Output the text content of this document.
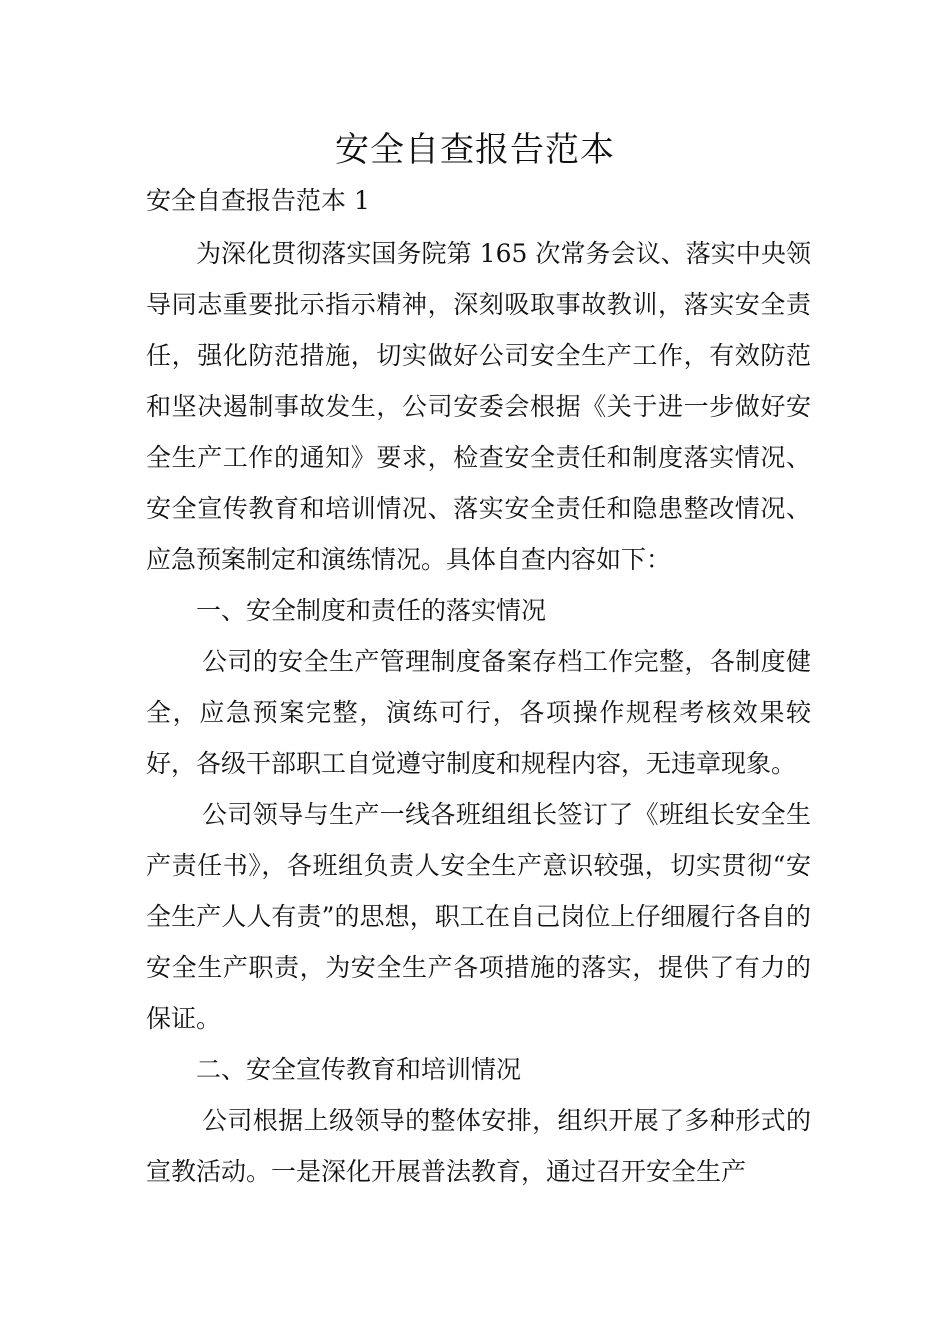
安全自查报告范本

安全自查报告范本 1

为深化贯彻落实国务院第 165 次常务会议、落实中央领导同志重要批示指示精神，深刻吸取事故教训，落实安全责任，强化防范措施，切实做好公司安全生产工作，有效防范和坚决遏制事故发生，公司安委会根据《关于进一步做好安全生产工作的通知》要求，检查安全责任和制度落实情况、安全宣传教育和培训情况、落实安全责任和隐患整改情况、应急预案制定和演练情况。具体自查内容如下：

一、安全制度和责任的落实情况

公司的安全生产管理制度备案存档工作完整，各制度健全，应急预案完整，演练可行，各项操作规程考核效果较好，各级干部职工自觉遵守制度和规程内容，无违章现象。

公司领导与生产一线各班组组长签订了《班组长安全生产责任书》，各班组负责人安全生产意识较强，切实贯彻“安全生产人人有责”的思想，职工在自己岗位上仔细履行各自的安全生产职责，为安全生产各项措施的落实，提供了有力的保证。

二、安全宣传教育和培训情况

公司根据上级领导的整体安排，组织开展了多种形式的宣教活动。一是深化开展普法教育，通过召开安全生产
